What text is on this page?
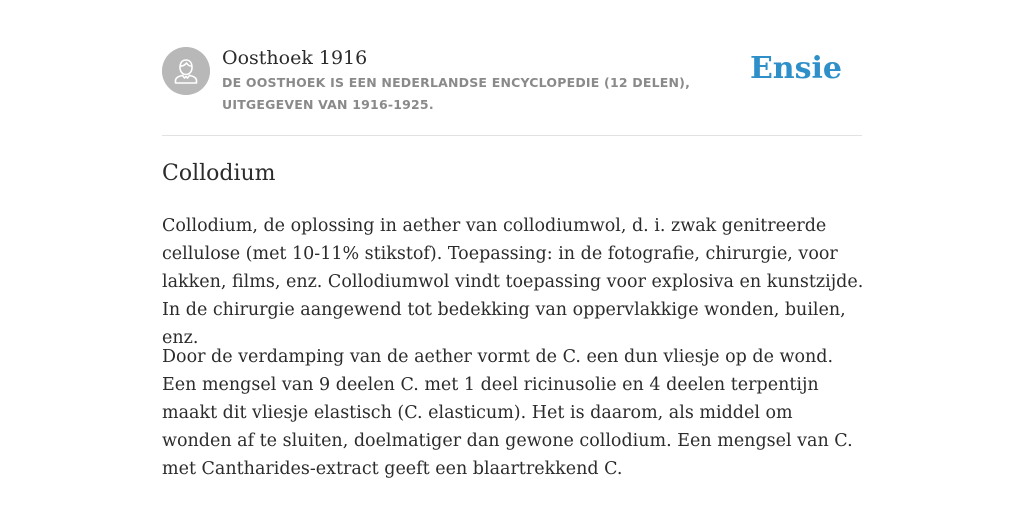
Oosthoek 1916
DE OOSTHOEK IS EEN NEDERLANDSE ENCYCLOPEDIE (12 DELEN), UITGEGEVEN VAN 1916-1925.
Ensie
Collodium

Collodium, de oplossing in aether van collodiumwol, d. i. zwak genitreerde cellulose (met 10-11% stikstof). Toepassing: in de fotografie, chirurgie, voor lakken, films, enz. Collodiumwol vindt toepassing voor explosiva en kunstzijde. In de chirurgie aangewend tot bedekking van oppervlakkige wonden, builen, enz.

Door de verdamping van de aether vormt de C. een dun vliesje op de wond. Een mengsel van 9 deelen C. met 1 deel ricinusolie en 4 deelen terpentijn maakt dit vliesje elastisch (C. elasticum). Het is daarom, als middel om wonden af te sluiten, doelmatiger dan gewone collodium. Een mengsel van C. met Cantharides-extract geeft een blaartrekkend C.
